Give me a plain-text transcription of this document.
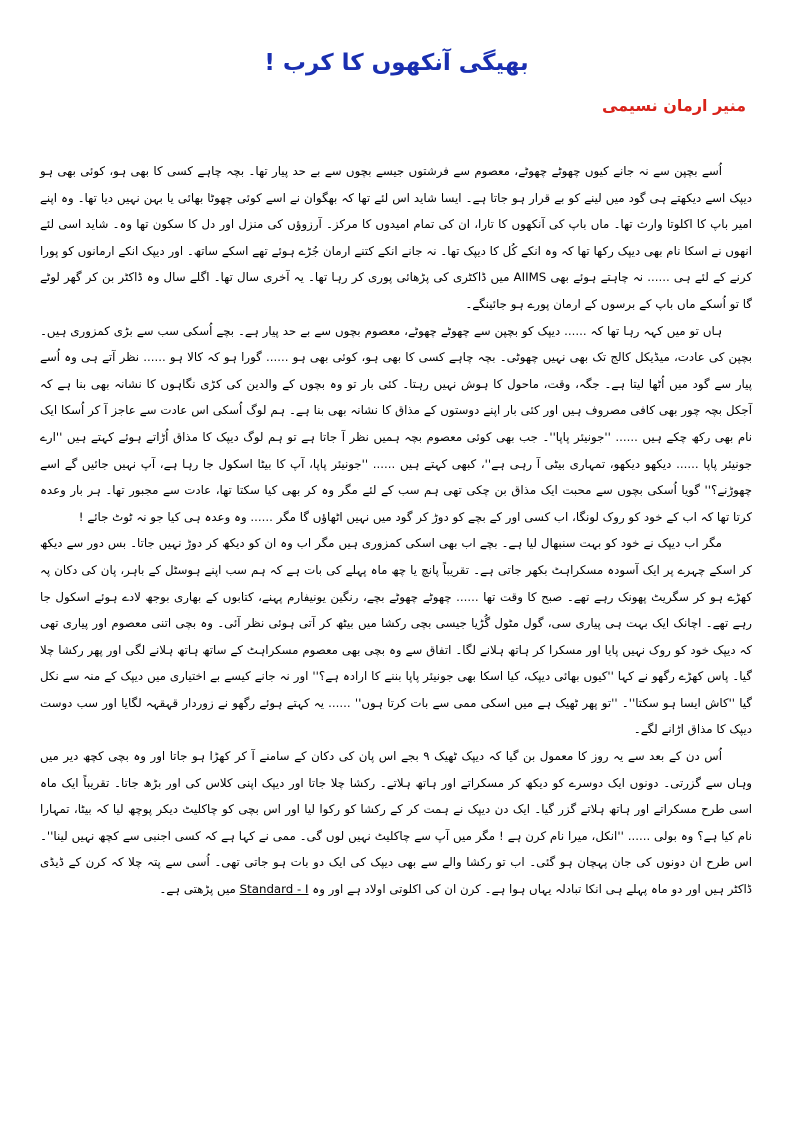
بھیگی آنکھوں کا کرب !
منیر ارمان نسیمی

اُسے بچپن سے نہ جانے کیوں چھوٹے چھوٹے، معصوم سے فرشتوں جیسے بچوں سے بے حد پیار تھا۔ بچہ چاہے کسی کا بھی ہو، کوئی بھی ہو دیپک اسے دیکھتے ہی گود میں لینے کو بے قرار ہو جاتا ہے۔ ایسا شاید اس لئے تھا کہ بھگوان نے اسے کوئی چھوٹا بھائی یا بہن نہیں دیا تھا۔ وہ اپنے امیر باپ کا اکلوتا وارث تھا۔ ماں باپ کی آنکھوں کا تارا، ان کی تمام امیدوں کا مرکز۔ آرزوؤں کی منزل اور دل کا سکون تھا وہ۔ شاید اسی لئے انھوں نے اسکا نام بھی دیپک رکھا تھا کہ وہ انکے کُل کا دیپک تھا۔ نہ جانے انکے کتنے ارمان جُڑے ہوئے تھے اسکے ساتھ۔ اور دیپک انکے ارمانوں کو پورا کرنے کے لئے ہی ...... نہ چاہتے ہوئے بھی AIIMS میں ڈاکٹری کی پڑھائی پوری کر رہا تھا۔ یہ آخری سال تھا۔ اگلے سال وہ ڈاکٹر بن کر گھر لوٹے گا تو اُسکے ماں باپ کے برسوں کے ارمان پورے ہو جائینگے۔

ہاں تو میں کہہ رہا تھا کہ ...... دیپک کو بچپن سے چھوٹے چھوٹے، معصوم بچوں سے بے حد پیار ہے۔ بچے اُسکی سب سے بڑی کمزوری ہیں۔ بچپن کی عادت، میڈیکل کالج تک بھی نہیں چھوٹی۔ بچہ چاہے کسی کا بھی ہو، کوئی بھی ہو ...... گورا ہو کہ کالا ہو ...... نظر آتے ہی وہ اُسے پیار سے گود میں اُٹھا لیتا ہے۔ جگہ، وقت، ماحول کا ہوش نہیں رہتا۔ کئی بار تو وہ بچوں کے والدین کی کڑی نگاہوں کا نشانہ بھی بنا ہے کہ آجکل بچہ چور بھی کافی مصروف ہیں اور کئی بار اپنے دوستوں کے مذاق کا نشانہ بھی بنا ہے۔ ہم لوگ اُسکی اس عادت سے عاجز آ کر اُسکا ایک نام بھی رکھ چکے ہیں ...... ''جونیئر پاپا''۔ جب بھی کوئی معصوم بچہ ہمیں نظر آ جاتا ہے تو ہم لوگ دیپک کا مذاق اُڑاتے ہوئے کہتے ہیں ''ارے جونیئر پاپا ...... دیکھو دیکھو، تمہاری بیٹی آ رہی ہے''، کبھی کہتے ہیں ...... ''جونیئر پاپا، آپ کا بیٹا اسکول جا رہا ہے، آپ نہیں جائیں گے اسے چھوڑنے؟'' گویا اُسکی بچوں سے محبت ایک مذاق بن چکی تھی ہم سب کے لئے مگر وہ کر بھی کیا سکتا تھا، عادت سے مجبور تھا۔ ہر بار وعدہ کرتا تھا کہ اب کے خود کو روک لونگا، اب کسی اور کے بچے کو دوڑ کر گود میں نہیں اٹھاؤں گا مگر ...... وہ وعدہ ہی کیا جو نہ ٹوٹ جائے !

مگر اب دیپک نے خود کو بہت سنبھال لیا ہے۔ بچے اب بھی اسکی کمزوری ہیں مگر اب وہ ان کو دیکھ کر دوڑ نہیں جاتا۔ بس دور سے دیکھ کر اسکے چہرے پر ایک آسودہ مسکراہٹ بکھر جاتی ہے۔ تقریباً پانچ یا چھ ماہ پہلے کی بات ہے کہ ہم سب اپنے ہوسٹل کے باہر، پان کی دکان پہ کھڑے ہو کر سگریٹ پھونک رہے تھے۔ صبح کا وقت تھا ...... چھوٹے چھوٹے بچے، رنگین یونیفارم پہنے، کتابوں کے بھاری بوجھ لادے ہوئے اسکول جا رہے تھے۔ اچانک ایک بہت ہی پیاری سی، گول مٹول گُڑیا جیسی بچی رکشا میں بیٹھ کر آتی ہوئی نظر آئی۔ وہ بچی اتنی معصوم اور پیاری تھی کہ دیپک خود کو روک نہیں پایا اور مسکرا کر ہاتھ ہلانے لگا۔ اتفاق سے وہ بچی بھی معصوم مسکراہٹ کے ساتھ ہاتھ ہلانے لگی اور پھر رکشا چلا گیا۔ پاس کھڑے رگھو نے کہا ''کیوں بھائی دیپک، کیا اسکا بھی جونیئر پاپا بننے کا ارادہ ہے؟'' اور نہ جانے کیسے بے اختیاری میں دیپک کے منہ سے نکل گیا ''کاش ایسا ہو سکتا''۔ ''تو پھر ٹھیک ہے میں اسکی ممی سے بات کرتا ہوں'' ...... یہ کہتے ہوئے رگھو نے زوردار قہقہہ لگایا اور سب دوست دیپک کا مذاق اڑانے لگے۔

اُس دن کے بعد سے یہ روز کا معمول بن گیا کہ دیپک ٹھیک ۹ بجے اس پان کی دکان کے سامنے آ کر کھڑا ہو جاتا اور وہ بچی کچھ دیر میں وہاں سے گزرتی۔ دونوں ایک دوسرے کو دیکھ کر مسکراتے اور ہاتھ ہلاتے۔ رکشا چلا جاتا اور دیپک اپنی کلاس کی اور بڑھ جاتا۔ تقریباً ایک ماہ اسی طرح مسکراتے اور ہاتھ ہلاتے گزر گیا۔ ایک دن دیپک نے ہمت کر کے رکشا کو رکوا لیا اور اس بچی کو چاکلیٹ دیکر پوچھ لیا کہ بیٹا، تمہارا نام کیا ہے؟ وہ بولی ...... ''انکل، میرا نام کرن ہے ! مگر میں آپ سے چاکلیٹ نہیں لوں گی۔ ممی نے کہا ہے کہ کسی اجنبی سے کچھ نہیں لینا''۔ اس طرح ان دونوں کی جان پہچان ہو گئی۔ اب تو رکشا والے سے بھی دیپک کی ایک دو بات ہو جاتی تھی۔ اُسی سے پتہ چلا کہ کرن کے ڈیڈی ڈاکٹر ہیں اور دو ماہ پہلے ہی انکا تبادلہ یہاں ہوا ہے۔ کرن ان کی اکلوتی اولاد ہے اور وہ Standard - I میں پڑھتی ہے۔
